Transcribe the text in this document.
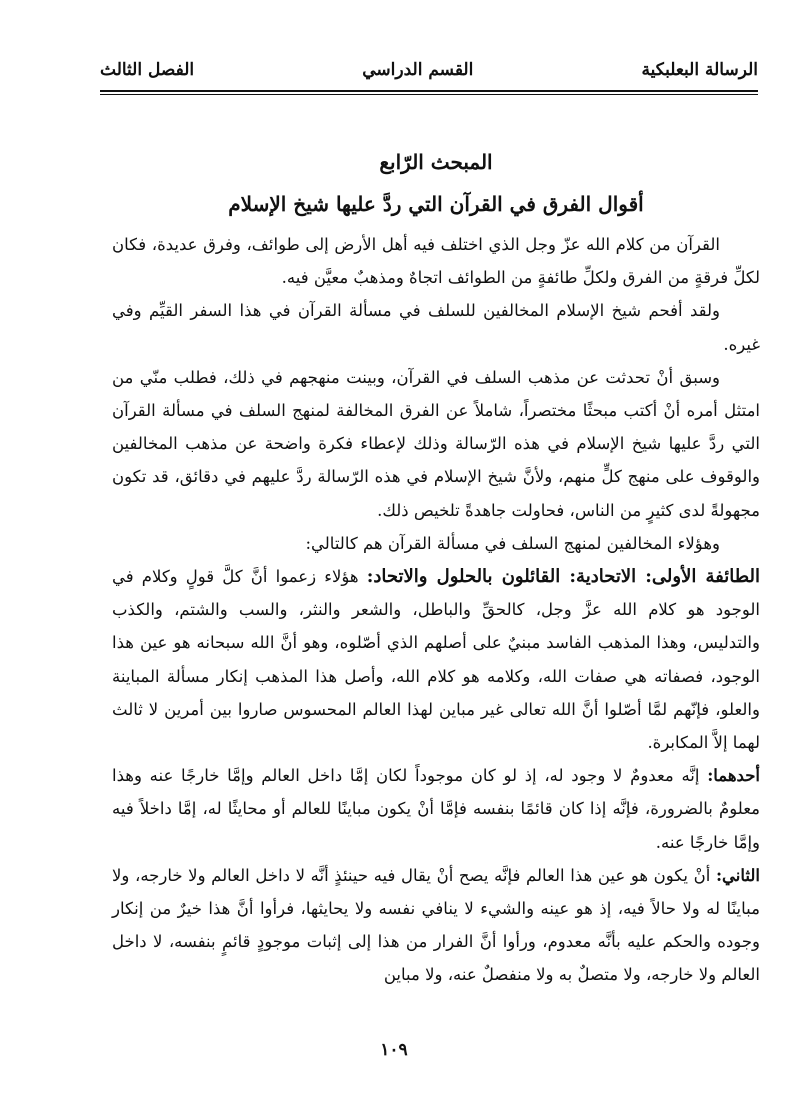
الرسالة البعلبكية
القسم الدراسي
الفصل الثالث
المبحث الرّابع
أقوال الفرق في القرآن التي ردَّ عليها شيخ الإسلام

القرآن من كلام الله عزّ وجل الذي اختلف فيه أهل الأرض إلى طوائف، وفرق عديدة، فكان لكلِّ فرقةٍ من الفرق ولكلِّ طائفةٍ من الطوائف اتجاهٌ ومذهبٌ معيَّن فيه.

ولقد أفحم شيخ الإسلام المخالفين للسلف في مسألة القرآن في هذا السفر القيِّم وفي غيره.

وسبق أنْ تحدثت عن مذهب السلف في القرآن، وبينت منهجهم في ذلك، فطلب منّي من امتثل أمره أنْ أكتب مبحثًا مختصراً، شاملاً عن الفرق المخالفة لمنهج السلف في مسألة القرآن التي ردَّ عليها شيخ الإسلام في هذه الرّسالة وذلك لإعطاء فكرة واضحة عن مذهب المخالفين والوقوف على منهج كلٍّ منهم، ولأنَّ شيخ الإسلام في هذه الرّسالة ردَّ عليهم في دقائق، قد تكون مجهولةً لدى كثيرٍ من الناس، فحاولت جاهدةً تلخيص ذلك.

وهؤلاء المخالفين لمنهج السلف في مسألة القرآن هم كالتالي:

الطائفة الأولى: الاتحادية: القائلون بالحلول والاتحاد: هؤلاء زعموا أنَّ كلَّ قولٍ وكلام في الوجود هو كلام الله عزَّ وجل، كالحقِّ والباطل، والشعر والنثر، والسب والشتم، والكذب والتدليس، وهذا المذهب الفاسد مبنيٌ على أصلهم الذي أصّلوه، وهو أنَّ الله سبحانه هو عين هذا الوجود، فصفاته هي صفات الله، وكلامه هو كلام الله، وأصل هذا المذهب إنكار مسألة المباينة والعلو، فإنّهم لمَّا أصّلوا أنَّ الله تعالى غير مباين لهذا العالم المحسوس صاروا بين أمرين لا ثالث لهما إلاَّ المكابرة.

أحدهما: إنَّه معدومٌ لا وجود له، إذ لو كان موجوداً لكان إمَّا داخل العالم وإمَّا خارجًا عنه وهذا معلومٌ بالضرورة، فإنَّه إذا كان قائمًا بنفسه فإمَّا أنْ يكون مباينًا للعالم أو محايثًا له، إمَّا داخلاً فيه وإمَّا خارجًا عنه.

الثاني: أنْ يكون هو عين هذا العالم فإنَّه يصح أنْ يقال فيه حينئذٍ أنَّه لا داخل العالم ولا خارجه، ولا مباينًا له ولا حالاً فيه، إذ هو عينه والشيء لا ينافي نفسه ولا يحايثها، فرأوا أنَّ هذا خيرٌ من إنكار وجوده والحكم عليه بأنَّه معدوم، ورأوا أنَّ الفرار من هذا إلى إثبات موجودٍ قائمٍ بنفسه، لا داخل العالم ولا خارجه، ولا متصلٌ به ولا منفصلٌ عنه، ولا مباين

١٠٩
